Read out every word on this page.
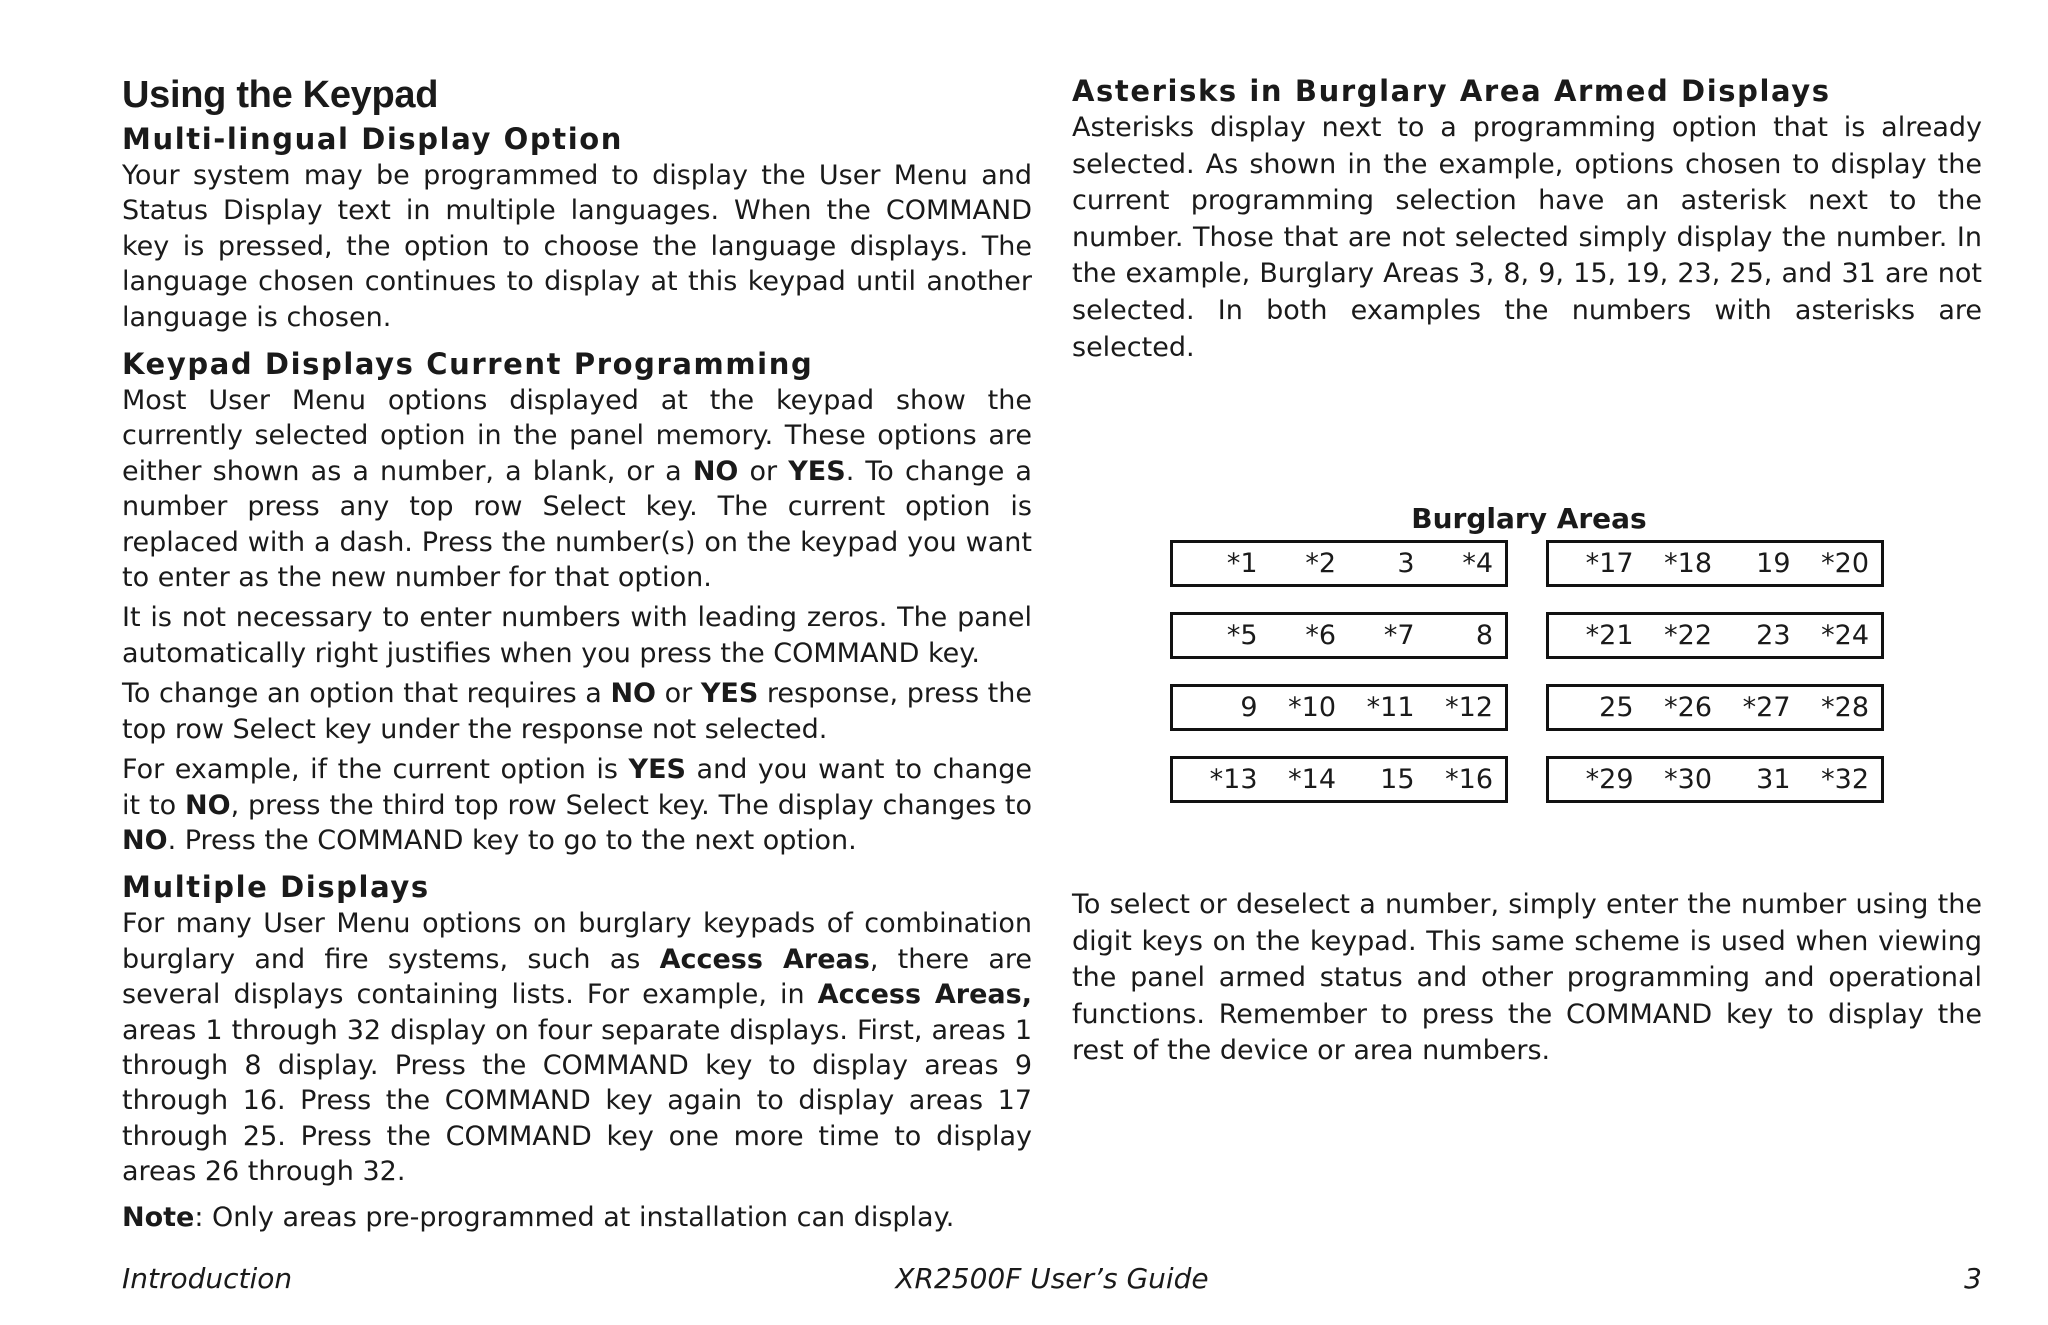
Using the Keypad
Multi-lingual Display Option

Your system may be programmed to display the User Menu and Status Display text in multiple languages. When the COMMAND key is pressed, the option to choose the language displays. The language chosen continues to display at this keypad until another language is chosen.

Keypad Displays Current Programming

Most User Menu options displayed at the keypad show the currently selected option in the panel memory. These options are either shown as a number, a blank, or a NO or YES. To change a number press any top row Select key. The current option is replaced with a dash. Press the number(s) on the keypad you want to enter as the new number for that option.

It is not necessary to enter numbers with leading zeros. The panel automatically right justifies when you press the COMMAND key.

To change an option that requires a NO or YES response, press the top row Select key under the response not selected.

For example, if the current option is YES and you want to change it to NO, press the third top row Select key. The display changes to NO. Press the COMMAND key to go to the next option.

Multiple Displays

For many User Menu options on burglary keypads of combination burglary and fire systems, such as Access Areas, there are several displays containing lists. For example, in Access Areas, areas 1 through 32 display on four separate displays. First, areas 1 through 8 display. Press the COMMAND key to display areas 9 through 16. Press the COMMAND key again to display areas 17 through 25. Press the COMMAND key one more time to display areas 26 through 32.

Note: Only areas pre-programmed at installation can display.

Asterisks in Burglary Area Armed Displays

Asterisks display next to a programming option that is already selected. As shown in the example, options chosen to display the current programming selection have an asterisk next to the number. Those that are not selected simply display the number. In the example, Burglary Areas 3, 8, 9, 15, 19, 23, 25, and 31 are not selected. In both examples the numbers with asterisks are selected.

Burglary Areas
*1	*2	3	*4	*17	*18	19	*20
*5	*6	*7	8	*21	*22	23	*24
9	*10	*11	*12	25	*26	*27	*28
*13	*14	15	*16	*29	*30	31	*32

To select or deselect a number, simply enter the number using the digit keys on the keypad. This same scheme is used when viewing the panel armed status and other programming and operational functions. Remember to press the COMMAND key to display the rest of the device or area numbers.

Introduction	XR2500F User’s Guide	3
